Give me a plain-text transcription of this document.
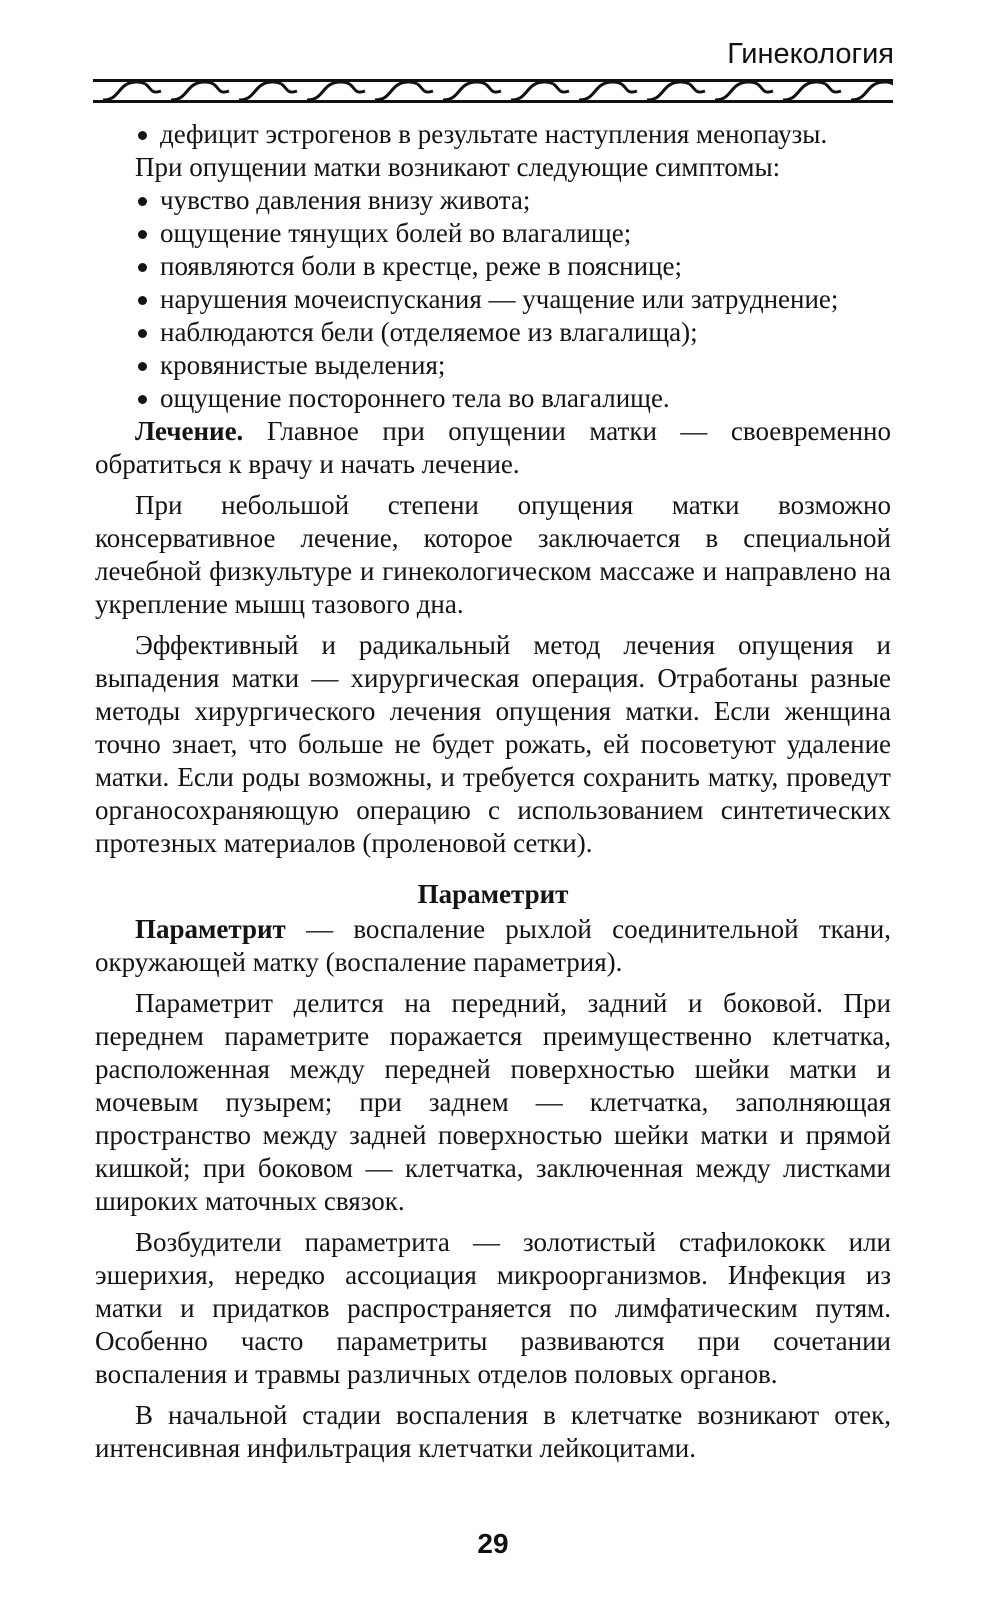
Гинекология
дефицит эстрогенов в результате наступления менопаузы.

При опущении матки возникают следующие симптомы:

чувство давления внизу живота;
ощущение тянущих болей во влагалище;
появляются боли в крестце, реже в пояснице;
нарушения мочеиспускания — учащение или затруднение;
наблюдаются бели (отделяемое из влагалища);
кровянистые выделения;
ощущение постороннего тела во влагалище.

Лечение. Главное при опущении матки — своевременно обратиться к врачу и начать лечение.

При небольшой степени опущения матки возможно консервативное лечение, которое заключается в специальной лечебной физкультуре и гинекологическом массаже и направлено на укрепление мышц тазового дна.

Эффективный и радикальный метод лечения опущения и выпадения матки — хирургическая операция. Отработаны разные методы хирургического лечения опущения матки. Если женщина точно знает, что больше не будет рожать, ей посоветуют удаление матки. Если роды возможны, и требуется сохранить матку, проведут органосохраняющую операцию с использованием синтетических протезных материалов (проленовой сетки).

Параметрит

Параметрит — воспаление рыхлой соединительной ткани, окружающей матку (воспаление параметрия).

Параметрит делится на передний, задний и боковой. При переднем параметрите поражается преимущественно клетчатка, расположенная между передней поверхностью шейки матки и мочевым пузырем; при заднем — клетчатка, заполняющая пространство между задней поверхностью шейки матки и прямой кишкой; при боковом — клетчатка, заключенная между листками широких маточных связок.

Возбудители параметрита — золотистый стафилококк или эшерихия, нередко ассоциация микроорганизмов. Инфекция из матки и придатков распространяется по лимфатическим путям. Особенно часто параметриты развиваются при сочетании воспаления и травмы различных отделов половых органов.

В начальной стадии воспаления в клетчатке возникают отек, интенсивная инфильтрация клетчатки лейкоцитами.

29
